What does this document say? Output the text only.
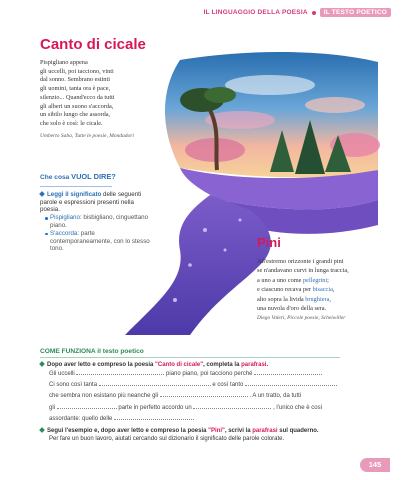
IL LINGUAGGIO DELLA POESIA	IL TESTO POETICO
Canto di cicale
Pispigliano appena
gli uccelli, poi tacciono, vinti
dal sonno. Sembrano estinti
gli uomini, tanta ora è pace,
silenzio... Quand'ecco da tutti
gli alberi un suono s'accorda,
un sibilo lungo che assorda,
che solo è così: le cicale.
Umberto Saba, Tutte le poesie, Mondadori
Che cosa VUOL DIRE?
Leggi il significato delle seguenti parole e espressioni presenti nella poesia.
Pispigliano: bisbigliano, cinguettano piano.
S'accorda: parte contemporaneamente, con lo stesso tono.	Pini
All'estremo orizzonte i grandi pini
se n'andavano curvi in lunga traccia,
a uno a uno come pellegrini;
e ciascuno recava per bisaccia,
alto sopra la livida brughiera,
una nuvola d'oro della sera.
Diego Valeri, Piccole poesie, Scheiwiller
COME FUNZIONA il testo poetico
Dopo aver letto e compreso la poesia "Canto di cicale", completa la parafrasi.
Gli uccelli	piano piano, poi tacciono perché
Ci sono così tanta	e così tanto
che sembra non esistano più neanche gli	. A un tratto, da tutti
gli	parte in perfetto accordo un	, l'unico che è così
assordante: quello delle
Segui l'esempio e, dopo aver letto e compreso la poesia "Pini", scrivi la parafrasi sul quaderno.
Per fare un buon lavoro, aiutati cercando sul dizionario il significato delle parole colorate.
145
